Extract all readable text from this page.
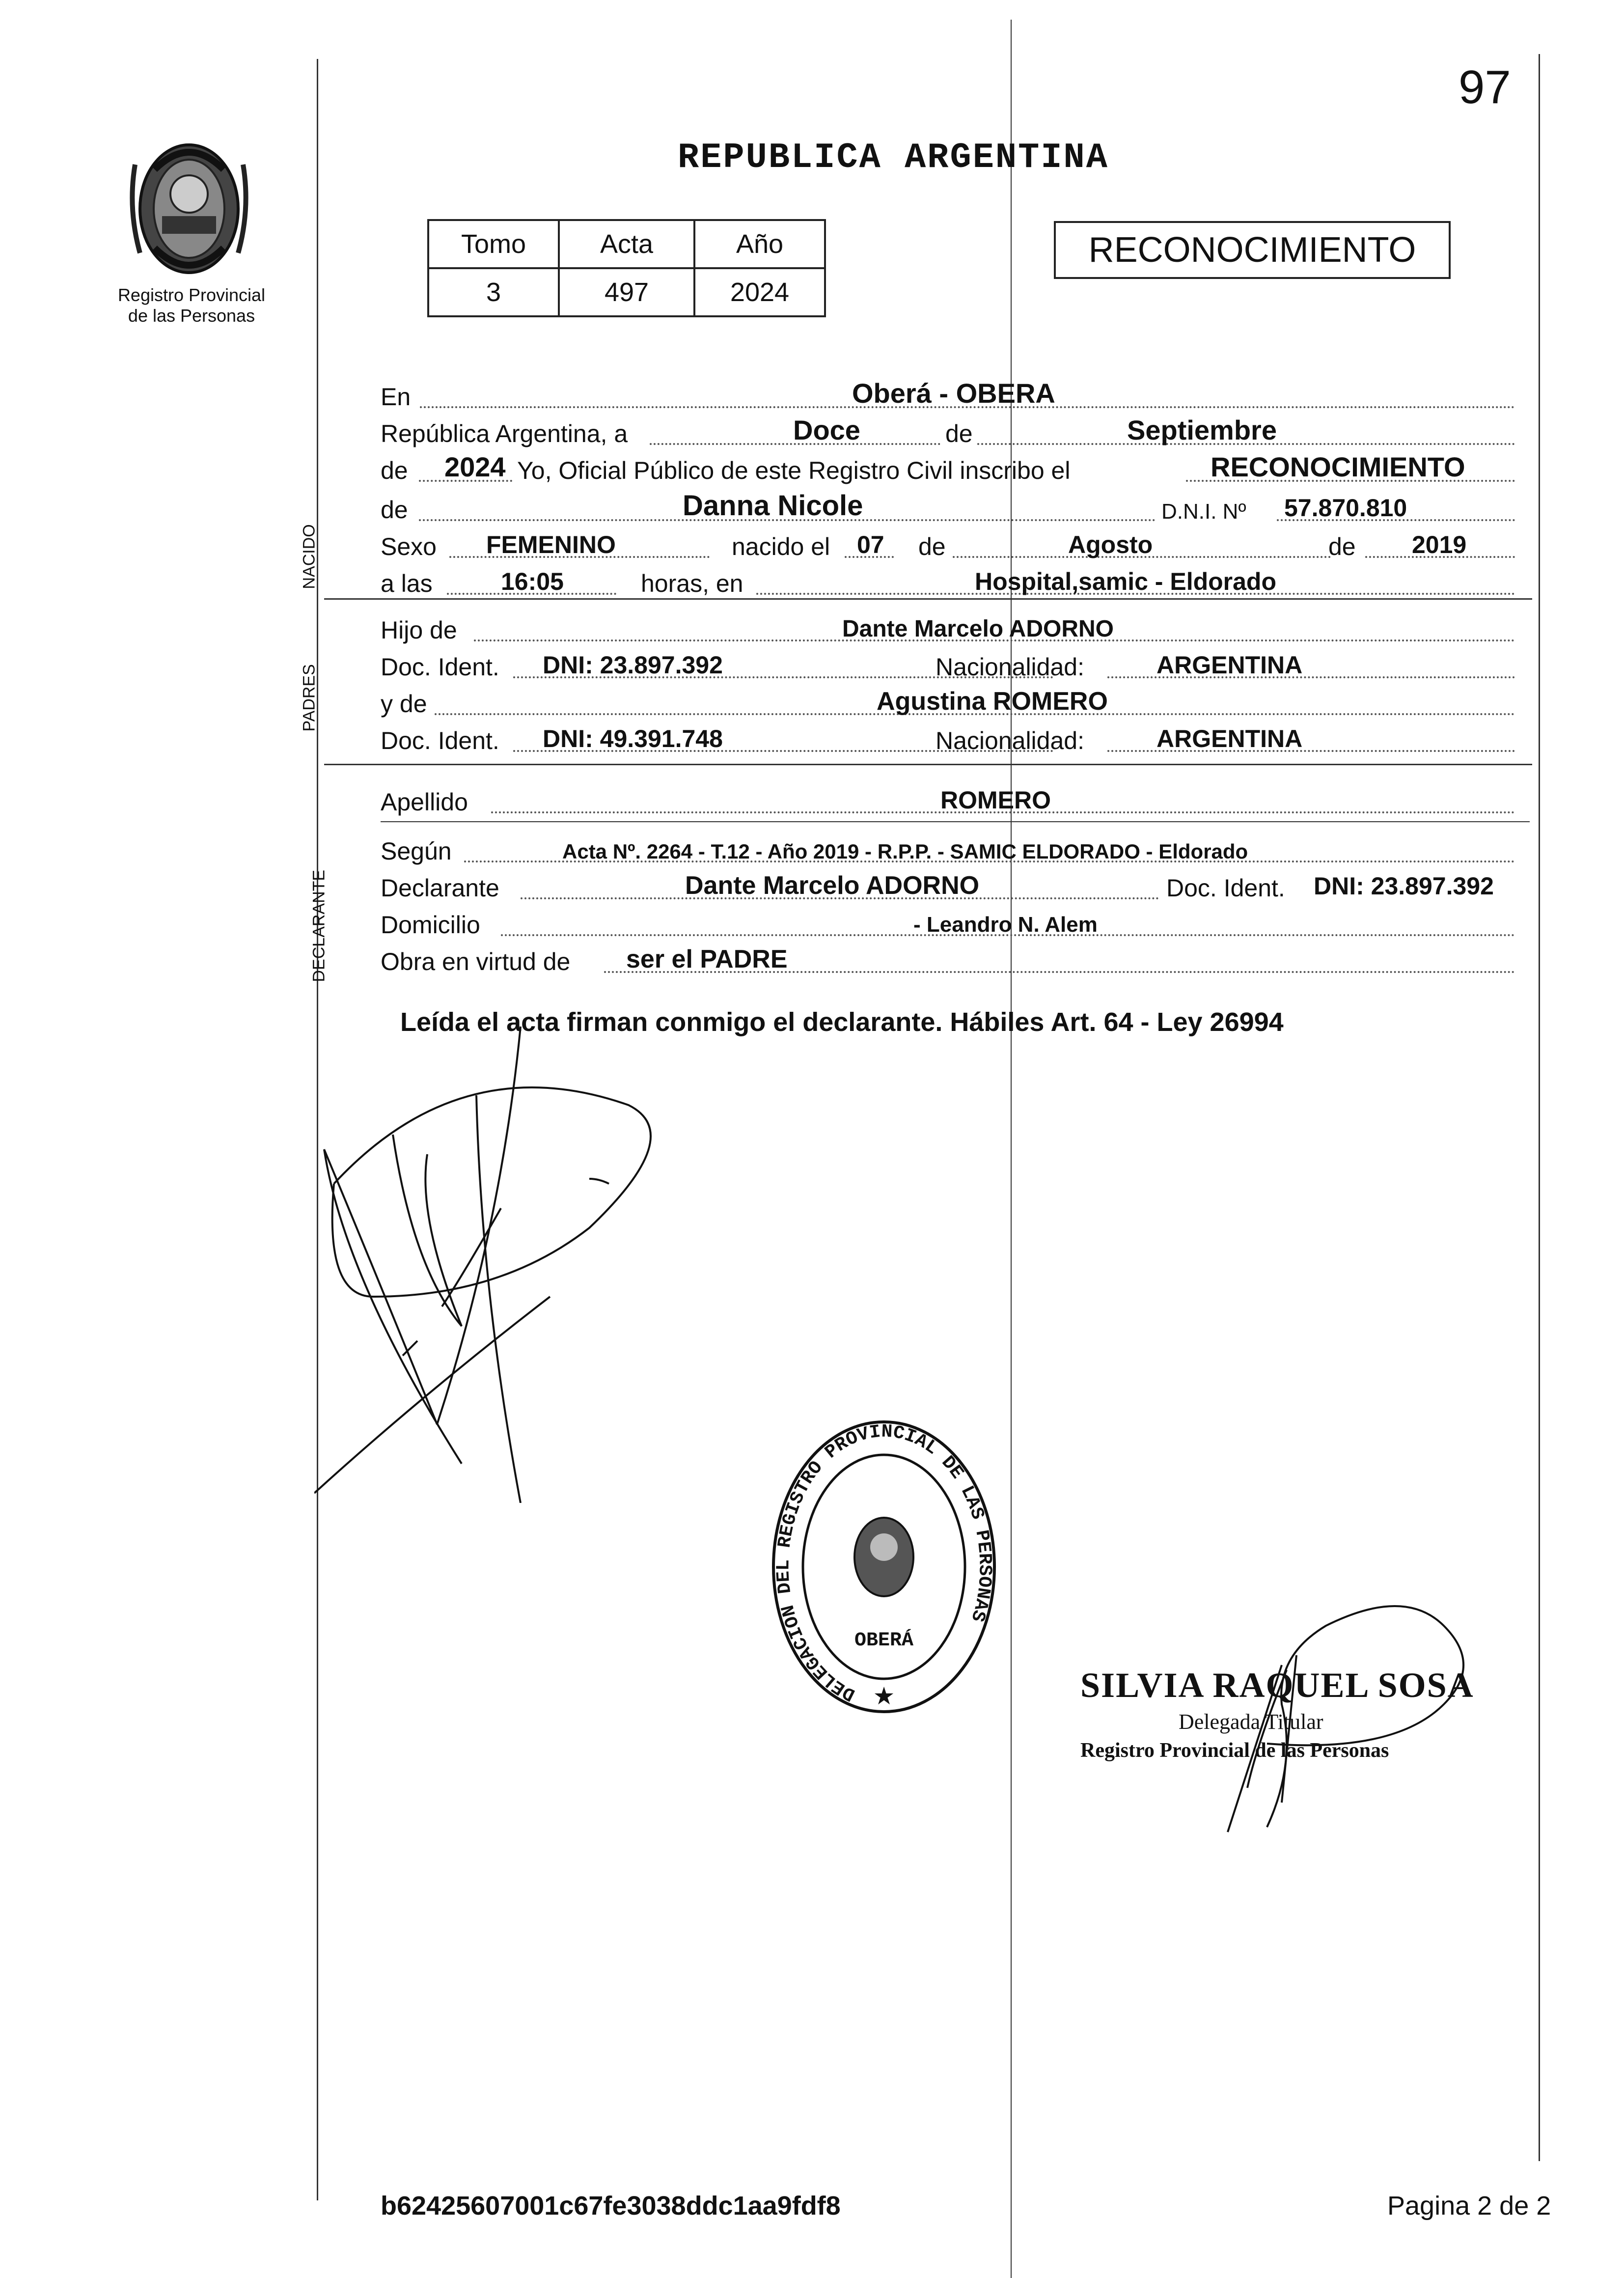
97
Registro Provincial
de las Personas
REPUBLICA ARGENTINA
Tomo	Acta	Año
3	497	2024
RECONOCIMIENTO
NACIDO
PADRES
DECLARANTE
En	Oberá - OBERA
República Argentina, a	Doce	de	Septiembre
de 2024 Yo, Oficial Público de este Registro Civil inscribo el	RECONOCIMIENTO
de	Danna Nicole	D.N.I. Nº 57.870.810
Sexo FEMENINO	nacido el 07 de	Agosto	de 2019
a las	16:05	horas, en	Hospital,samic - Eldorado
Hijo de	Dante Marcelo ADORNO
Doc. Ident. DNI: 23.897.392	Nacionalidad:	ARGENTINA
y de	Agustina ROMERO
Doc. Ident. DNI: 49.391.748	Nacionalidad:	ARGENTINA
Apellido	ROMERO
Según	Acta Nº. 2264 - T.12 - Año 2019 - R.P.P. - SAMIC ELDORADO - Eldorado
Declarante	Dante Marcelo ADORNO	Doc. Ident. DNI: 23.897.392
Domicilio	- Leandro N. Alem
Obra en virtud de ser el PADRE
Leída el acta firman conmigo el declarante. Hábiles Art. 64 - Ley 26994
DELEGACION DEL REGISTRO PROVINCIAL DE LAS PERSONAS
OBERÁ
★	SILVIA RAQUEL SOSA
Delegada Titular
Registro Provincial de las Personas
b62425607001c67fe3038ddc1aa9fdf8	Pagina 2 de 2
